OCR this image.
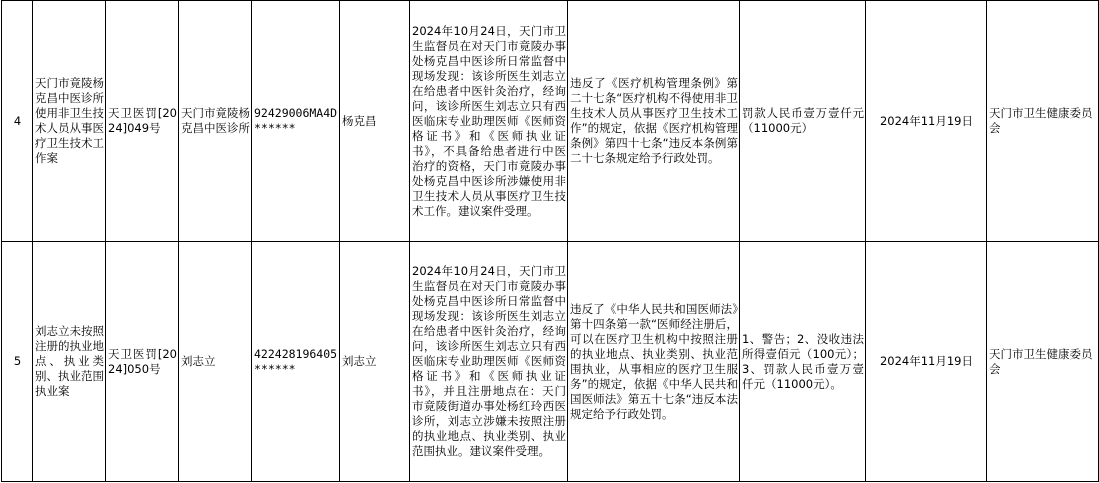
4	天门市竟陵杨克昌中医诊所使用非卫生技术人员从事医疗卫生技术工作案	天卫医罚[2024]049号	天门市竟陵杨克昌中医诊所	92429006MA4D******	杨克昌	2024年10月24日，天门市卫生监督员在对天门市竟陵办事处杨克昌中医诊所日常监督中现场发现：该诊所医生刘志立在给患者中医针灸治疗，经询问，该诊所医生刘志立只有西医临床专业助理医师《医师资格证书》和《医师执业证书》，不具备给患者进行中医治疗的资格，天门市竟陵办事处杨克昌中医诊所涉嫌使用非卫生技术人员从事医疗卫生技术工作。建议案件受理。	违反了《医疗机构管理条例》第二十七条“医疗机构不得使用非卫生技术人员从事医疗卫生技术工作”的规定，依据《医疗机构管理条例》第四十七条“违反本条例第二十七条规定给予行政处罚。	罚款人民币壹万壹仟元（11000元）	2024年11月19日	天门市卫生健康委员会
5	刘志立未按照注册的执业地点、执业类别、执业范围执业案	天卫医罚[2024]050号	刘志立	422428196405******	刘志立	2024年10月24日，天门市卫生监督员在对天门市竟陵办事处杨克昌中医诊所日常监督中现场发现：该诊所医生刘志立在给患者中医针灸治疗，经询问，该诊所医生刘志立只有西医临床专业助理医师《医师资格证书》和《医师执业证书》，并且注册地点在：天门市竟陵街道办事处杨红玲西医诊所，刘志立涉嫌未按照注册的执业地点、执业类别、执业范围执业。建议案件受理。	违反了《中华人民共和国医师法》第十四条第一款“医师经注册后，可以在医疗卫生机构中按照注册的执业地点、执业类别、执业范围执业，从事相应的医疗卫生服务”的规定，依据《中华人民共和国医师法》第五十七条“违反本法规定给予行政处罚。	1、警告；2、没收违法所得壹佰元（100元）；3、罚款人民币壹万壹仟元（11000元）。	2024年11月19日	天门市卫生健康委员会
